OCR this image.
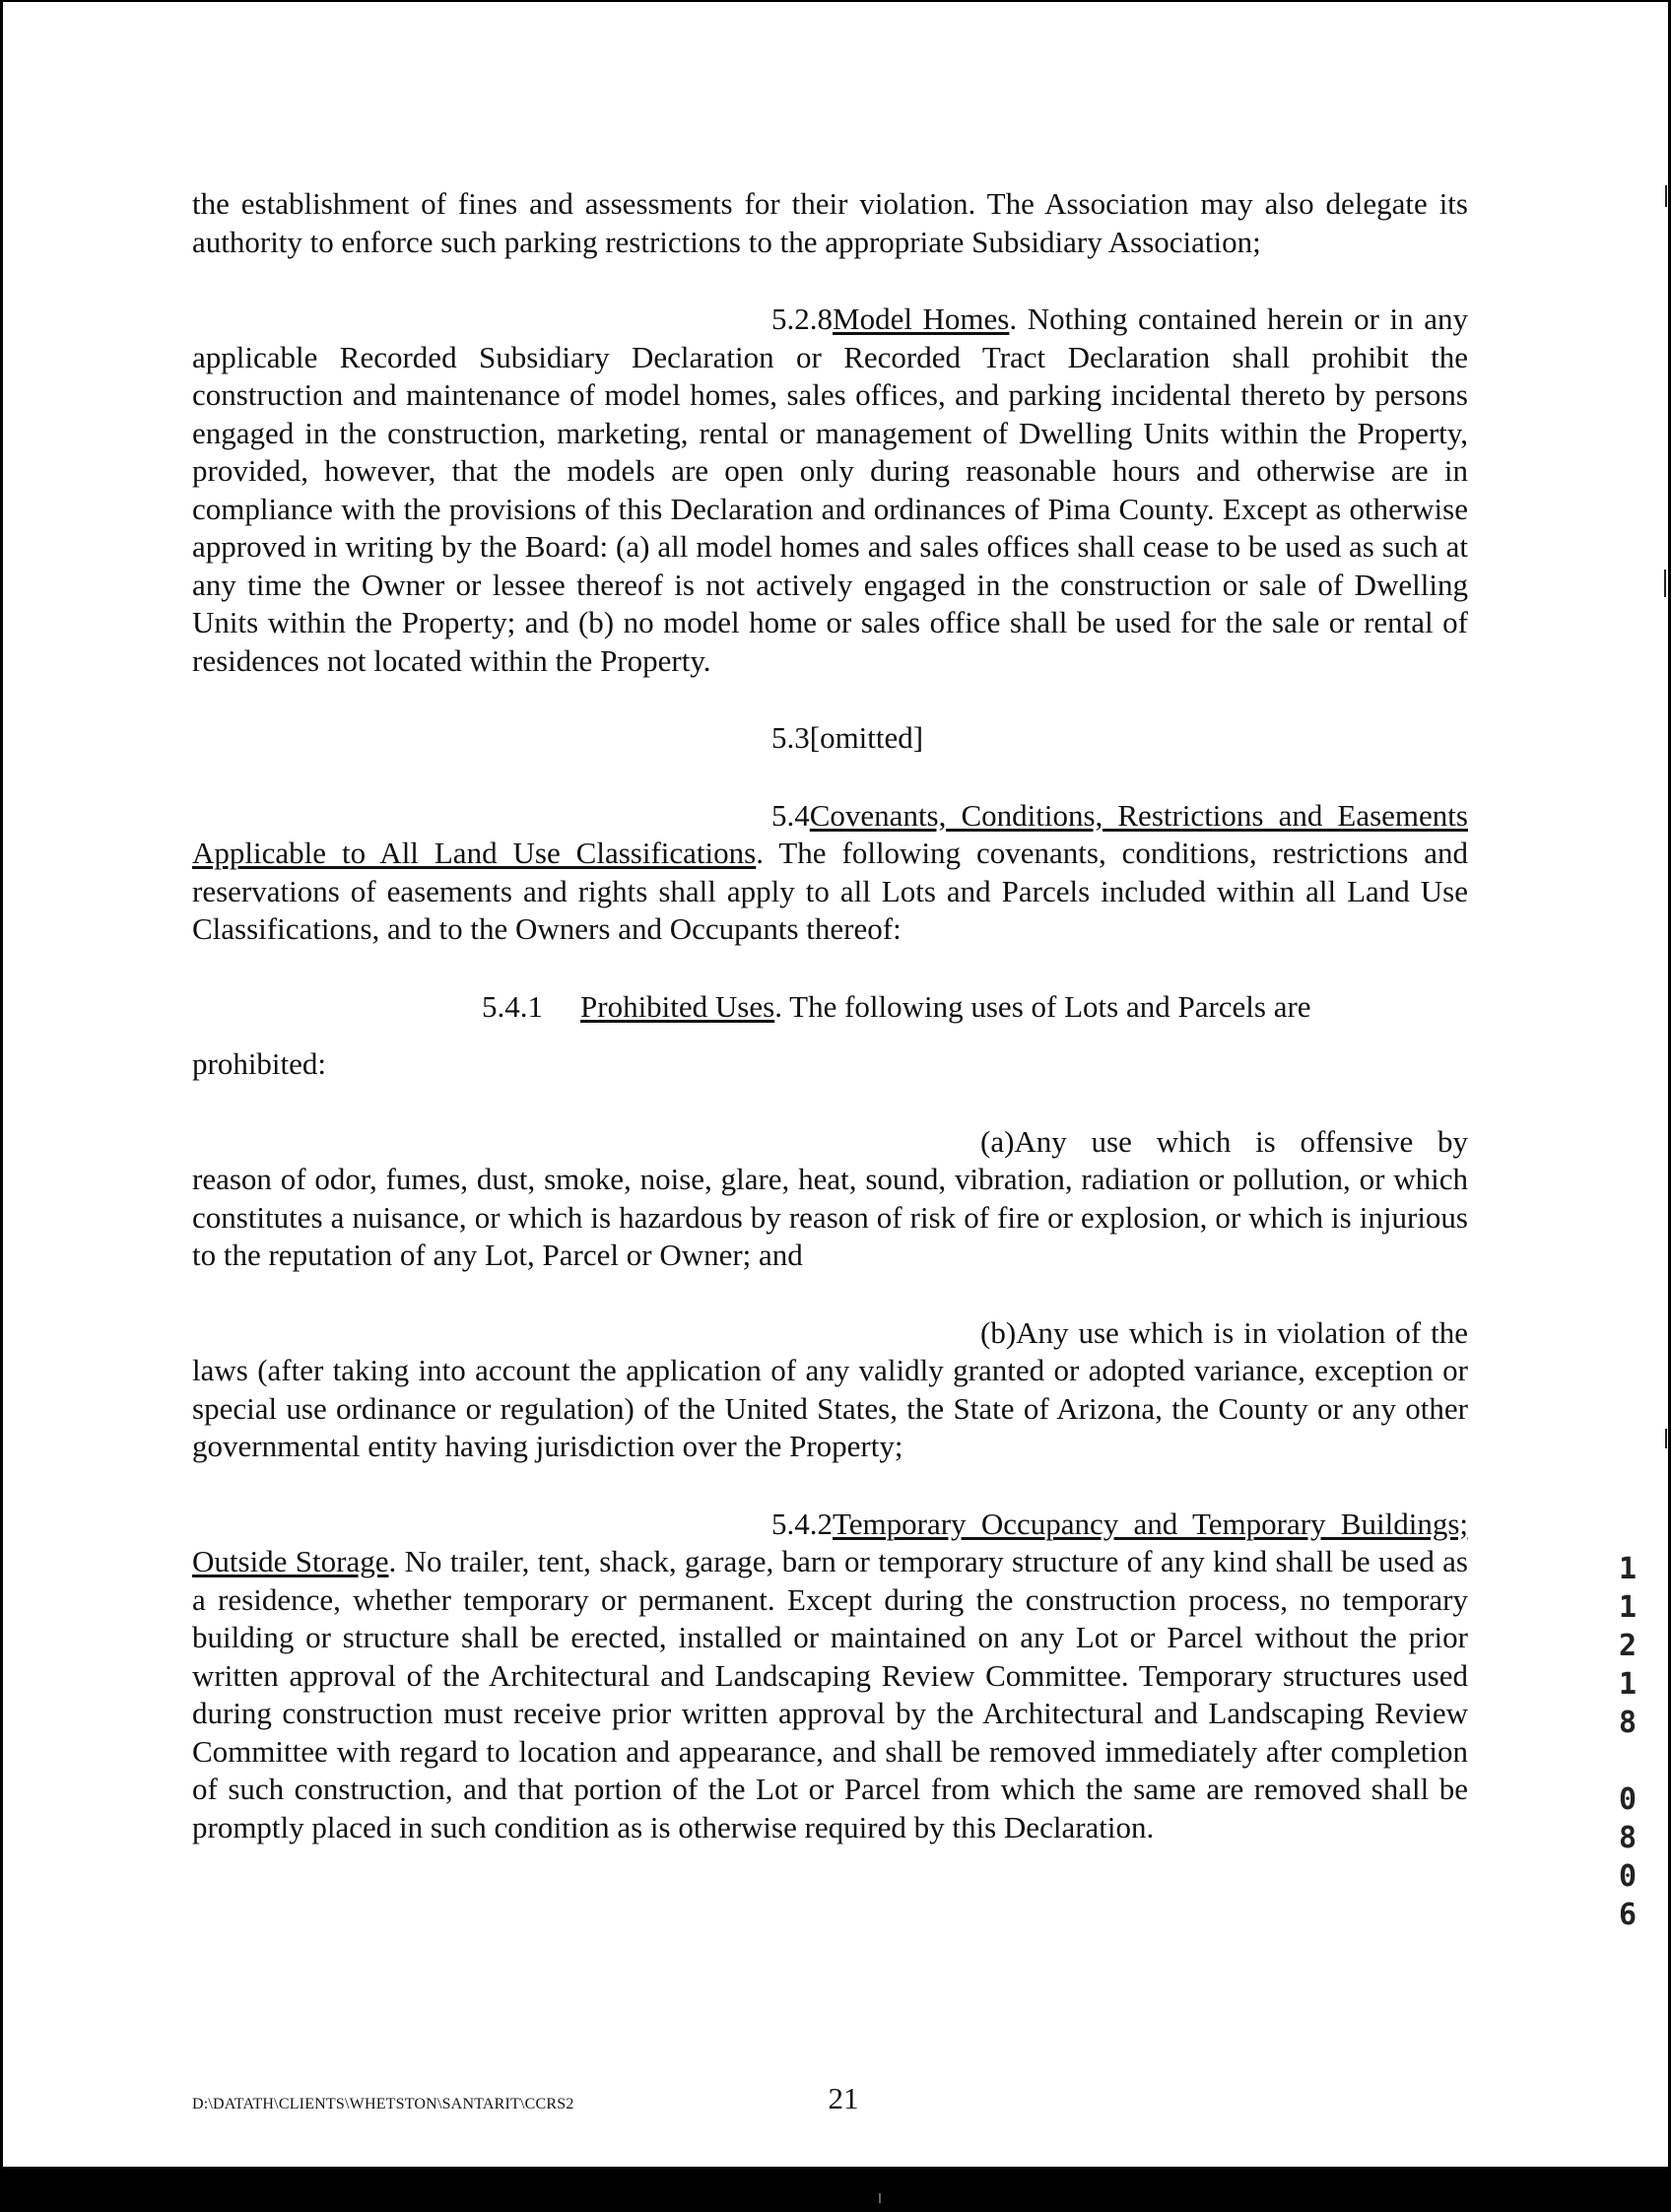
the establishment of fines and assessments for their violation. The Association may also delegate its authority to enforce such parking restrictions to the appropriate Subsidiary Association;

5.2.8Model Homes. Nothing contained herein or in any applicable Recorded Subsidiary Declaration or Recorded Tract Declaration shall prohibit the construction and maintenance of model homes, sales offices, and parking incidental thereto by persons engaged in the construction, marketing, rental or management of Dwelling Units within the Property, provided, however, that the models are open only during reasonable hours and otherwise are in compliance with the provisions of this Declaration and ordinances of Pima County. Except as otherwise approved in writing by the Board: (a) all model homes and sales offices shall cease to be used as such at any time the Owner or lessee thereof is not actively engaged in the construction or sale of Dwelling Units within the Property; and (b) no model home or sales office shall be used for the sale or rental of residences not located within the Property.

5.3[omitted]

5.4Covenants, Conditions, Restrictions and Easements Applicable to All Land Use Classifications. The following covenants, conditions, restrictions and reservations of easements and rights shall apply to all Lots and Parcels included within all Land Use Classifications, and to the Owners and Occupants thereof:

5.4.1 Prohibited Uses. The following uses of Lots and Parcels are

prohibited:

(a)Any use which is offensive by reason of odor, fumes, dust, smoke, noise, glare, heat, sound, vibration, radiation or pollution, or which constitutes a nuisance, or which is hazardous by reason of risk of fire or explosion, or which is injurious to the reputation of any Lot, Parcel or Owner; and

(b)Any use which is in violation of the laws (after taking into account the application of any validly granted or adopted variance, exception or special use ordinance or regulation) of the United States, the State of Arizona, the County or any other governmental entity having jurisdiction over the Property;

5.4.2Temporary Occupancy and Temporary Buildings; Outside Storage. No trailer, tent, shack, garage, barn or temporary structure of any kind shall be used as a residence, whether temporary or permanent. Except during the construction process, no temporary building or structure shall be erected, installed or maintained on any Lot or Parcel without the prior written approval of the Architectural and Landscaping Review Committee. Temporary structures used during construction must receive prior written approval by the Architectural and Landscaping Review Committee with regard to location and appearance, and shall be removed immediately after completion of such construction, and that portion of the Lot or Parcel from which the same are removed shall be promptly placed in such condition as is otherwise required by this Declaration.

D:\DATATH\CLIENTS\WHETSTON\SANTARIT\CCRS2	21
1
1
2
1
8
0
8
0
6
